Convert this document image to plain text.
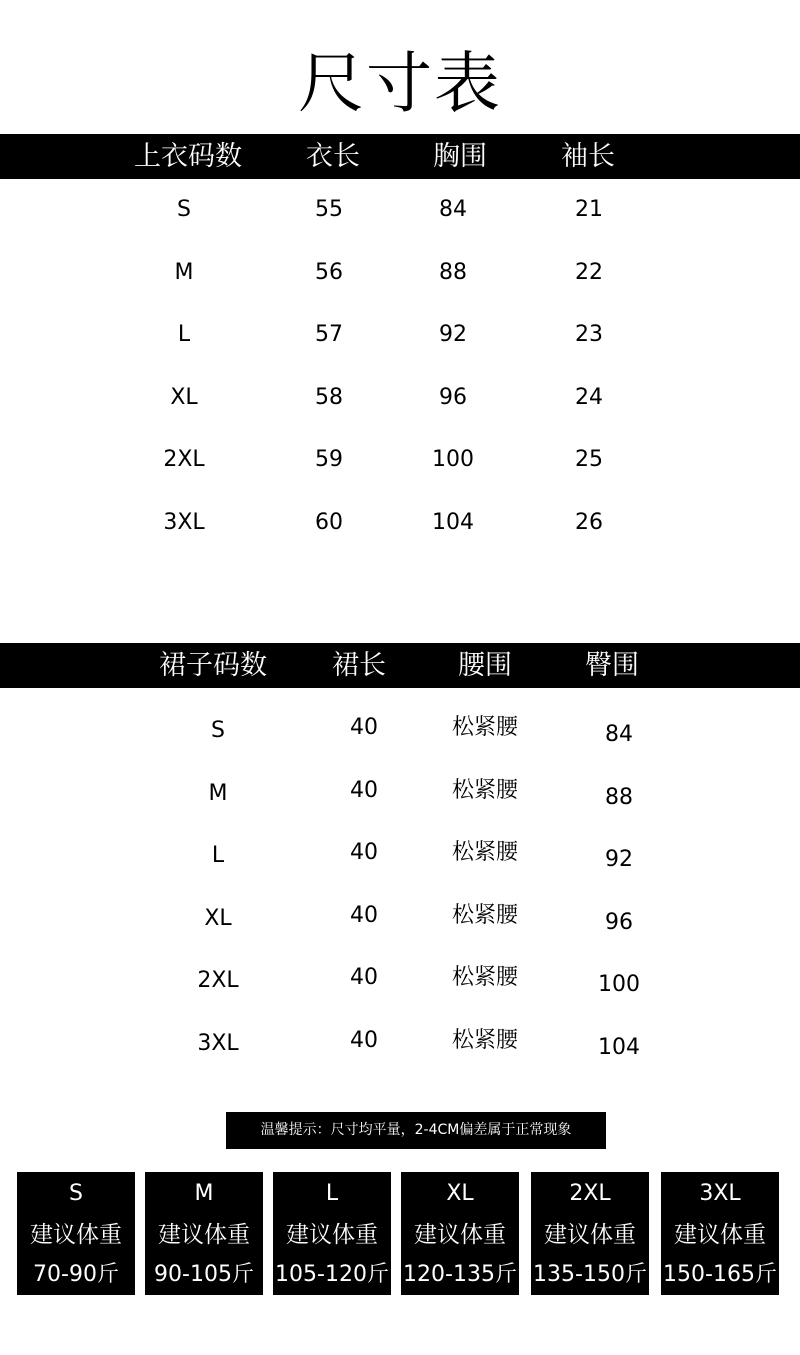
尺寸表
上衣码数 衣长	胸围	袖长
S	55	84	21
M	56	88	22
L	57	92	23
XL	58	96	24
2XL	59	100	25
3XL	60	104	26
裙子码数 裙长	腰围	臀围
S	40	松紧腰	84
M	40	松紧腰	88
L	40	松紧腰	92
XL	40	松紧腰	96
2XL	40	松紧腰	100
3XL	40	松紧腰	104
温馨提示：尺寸均平量，2-4CM偏差属于正常现象
S
建议体重
70-90斤
M
建议体重
90-105斤
L
建议体重
105-120斤
XL
建议体重
120-135斤
2XL
建议体重
135-150斤
3XL
建议体重
150-165斤
